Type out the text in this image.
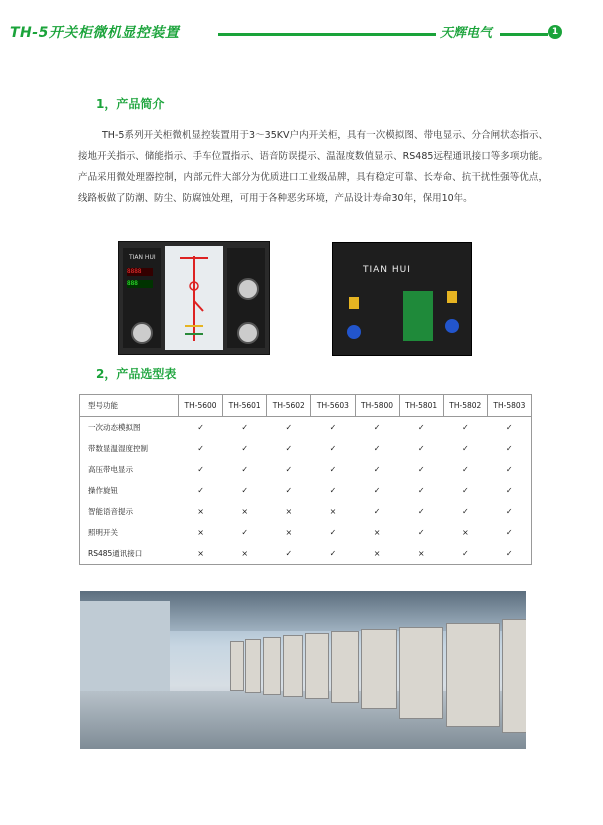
TH-5开关柜微机显控装置	天辉电气	1
1，产品简介
TH-5系列开关柜微机显控装置用于3～35KV户内开关柜，具有一次模拟图、带电显示、分合闸状态指示、接地开关指示、储能指示、手车位置指示、语音防误提示、温湿度数值显示、RS485远程通讯接口等多项功能。产品采用微处理器控制，内部元件大部分为优质进口工业级品牌，具有稳定可靠、长寿命、抗干扰性强等优点，线路板做了防潮、防尘、防腐蚀处理，可用于各种恶劣环境，产品设计寿命30年，保用10年。
TIAN HUI
8888
888
TIAN HUI
2，产品选型表
型号功能	TH-5600	TH-5601	TH-5602	TH-5603	TH-5800	TH-5801	TH-5802	TH-5803
一次动态模拟图	✓	✓	✓	✓	✓	✓	✓	✓
带数显温湿度控制	✓	✓	✓	✓	✓	✓	✓	✓
高压带电显示	✓	✓	✓	✓	✓	✓	✓	✓
操作旋钮	✓	✓	✓	✓	✓	✓	✓	✓
智能语音提示	×	×	×	×	✓	✓	✓	✓
照明开关	×	✓	×	✓	×	✓	×	✓
RS485通讯接口	×	×	✓	✓	×	×	✓	✓
